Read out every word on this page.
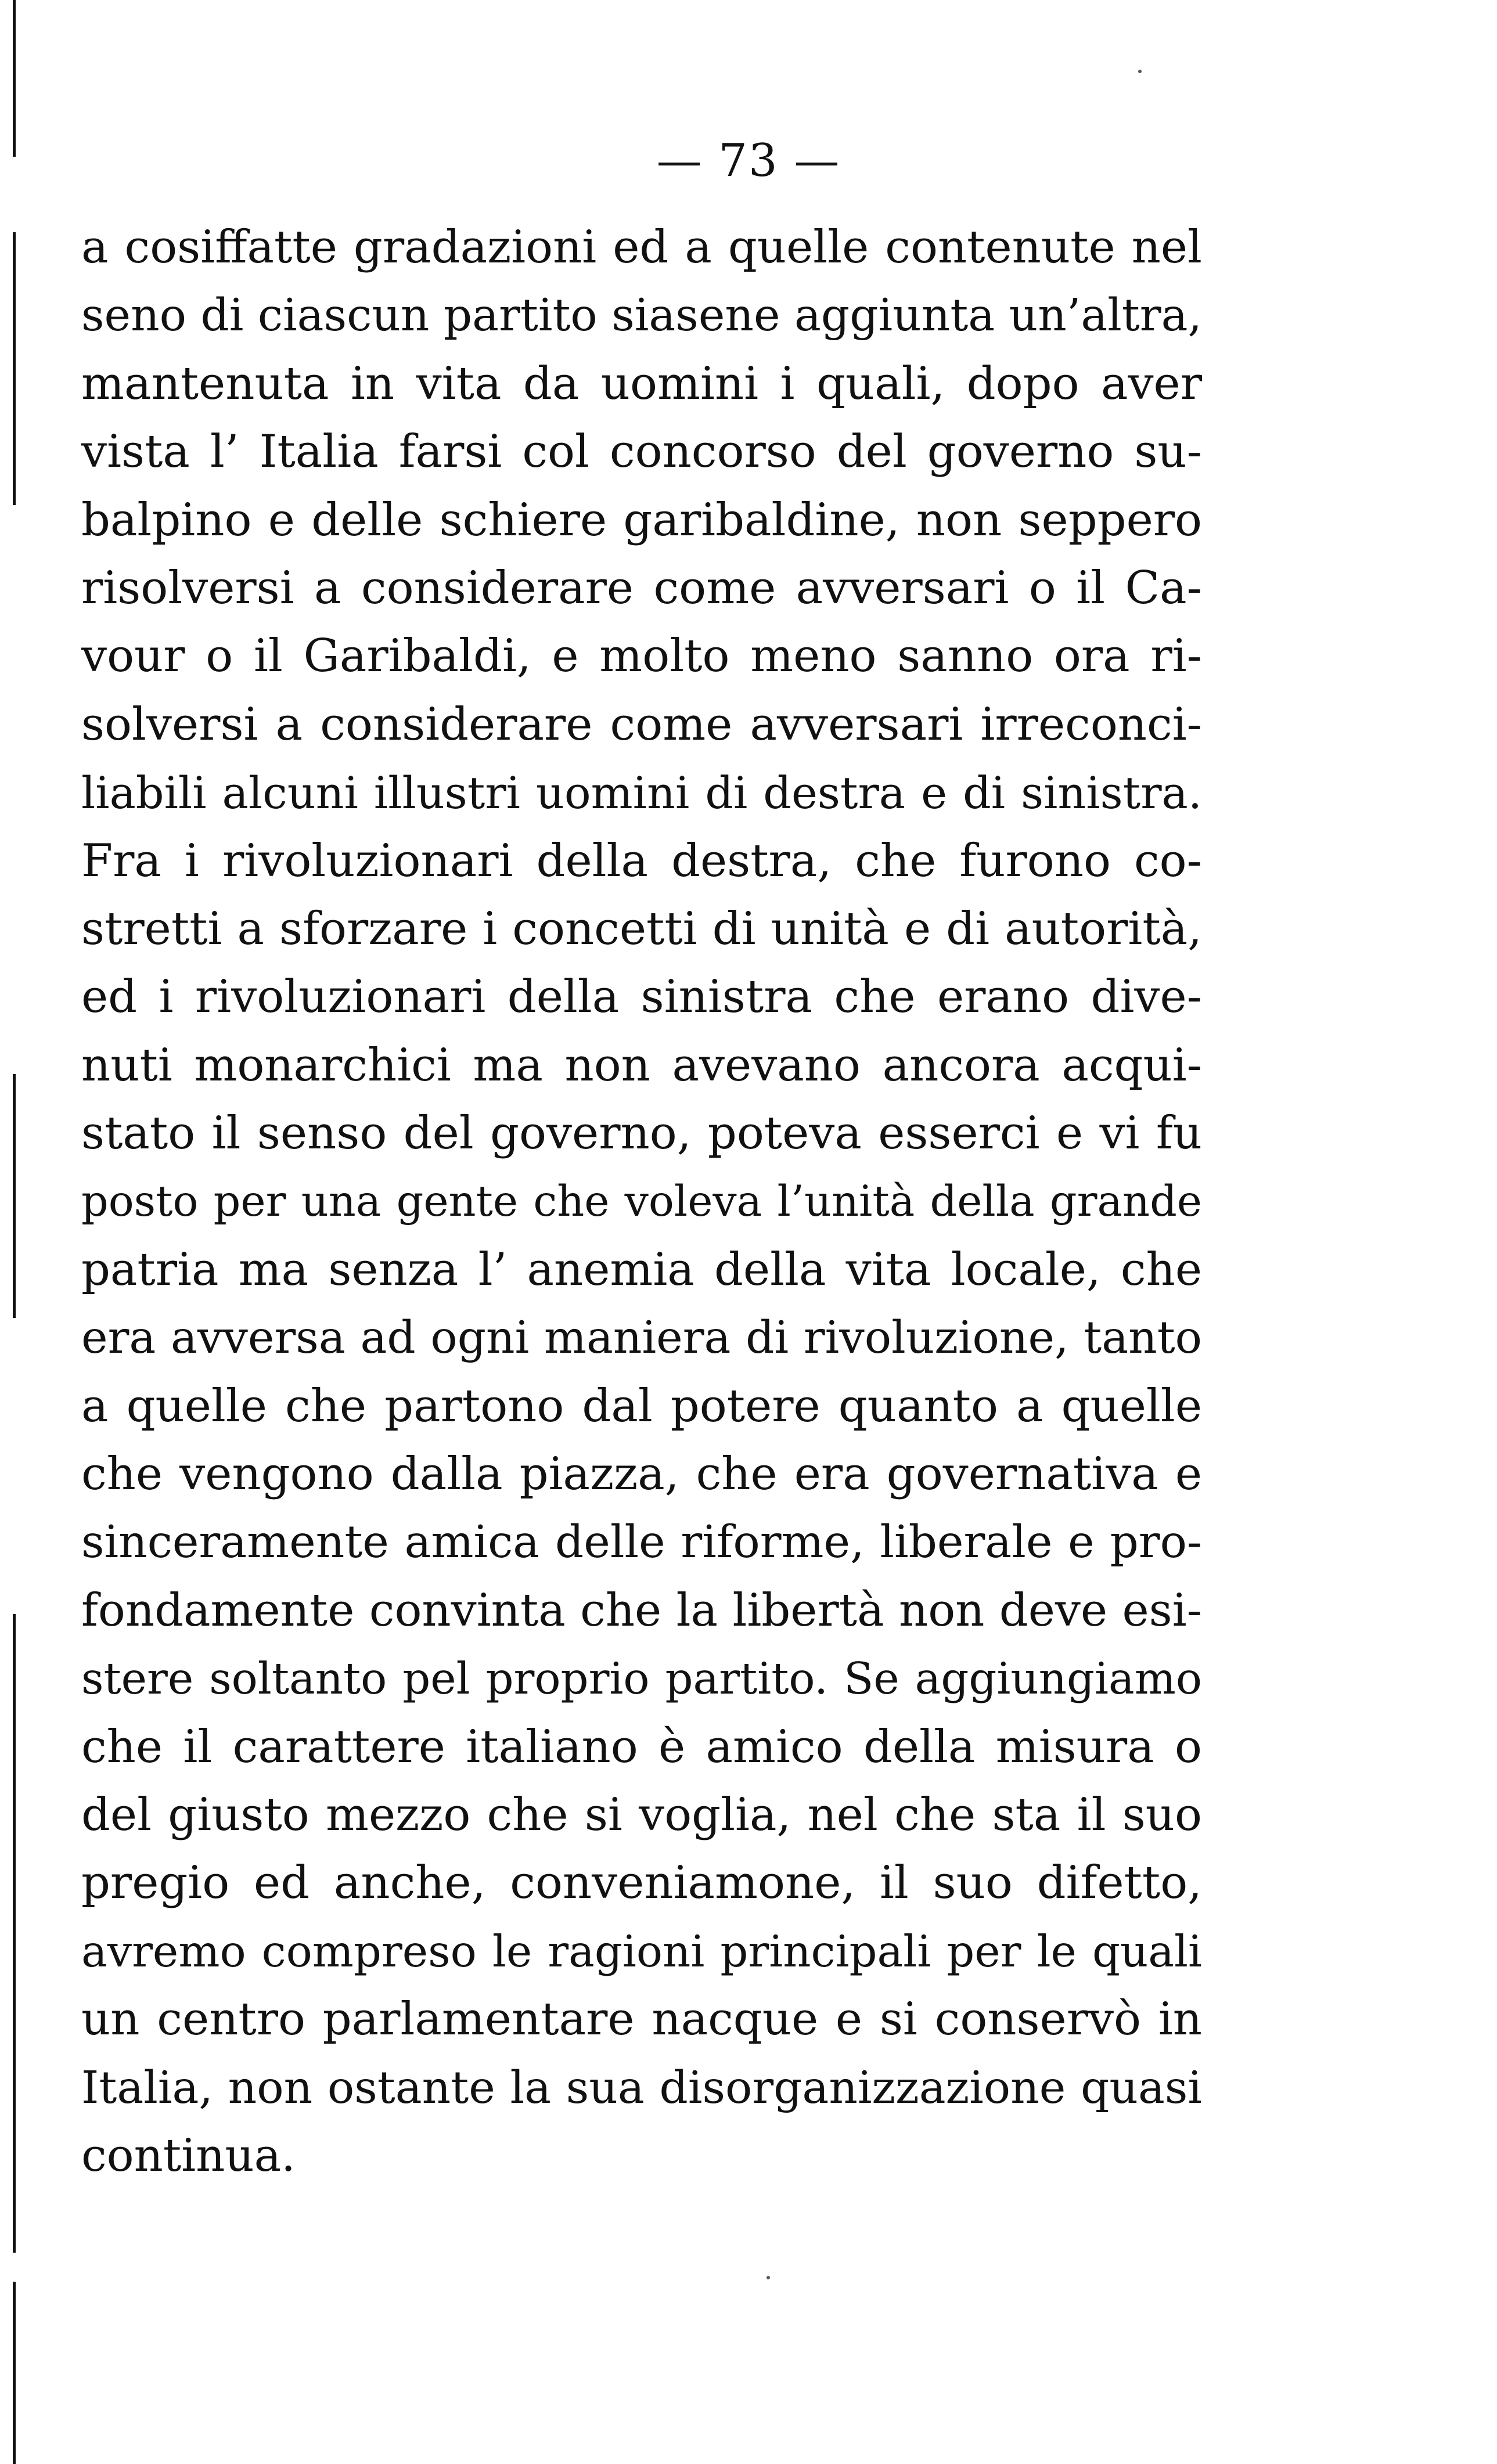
— 73 —
a cosiffatte gradazioni ed a quelle contenute nel
seno di ciascun partito siasene aggiunta un’altra,
mantenuta in vita da uomini i quali, dopo aver
vista l’ Italia farsi col concorso del governo su-
balpino e delle schiere garibaldine, non seppero
risolversi a considerare come avversari o il Ca-
vour o il Garibaldi, e molto meno sanno ora ri-
solversi a considerare come avversari irreconci-
liabili alcuni illustri uomini di destra e di sinistra.
Fra i rivoluzionari della destra, che furono co-
stretti a sforzare i concetti di unità e di autorità,
ed i rivoluzionari della sinistra che erano dive-
nuti monarchici ma non avevano ancora acqui-
stato il senso del governo, poteva esserci e vi fu
posto per una gente che voleva l’unità della grande
patria ma senza l’ anemia della vita locale, che
era avversa ad ogni maniera di rivoluzione, tanto
a quelle che partono dal potere quanto a quelle
che vengono dalla piazza, che era governativa e
sinceramente amica delle riforme, liberale e pro-
fondamente convinta che la libertà non deve esi-
stere soltanto pel proprio partito. Se aggiungiamo
che il carattere italiano è amico della misura o
del giusto mezzo che si voglia, nel che sta il suo
pregio ed anche, conveniamone, il suo difetto,
avremo compreso le ragioni principali per le quali
un centro parlamentare nacque e si conservò in
Italia, non ostante la sua disorganizzazione quasi
continua.
